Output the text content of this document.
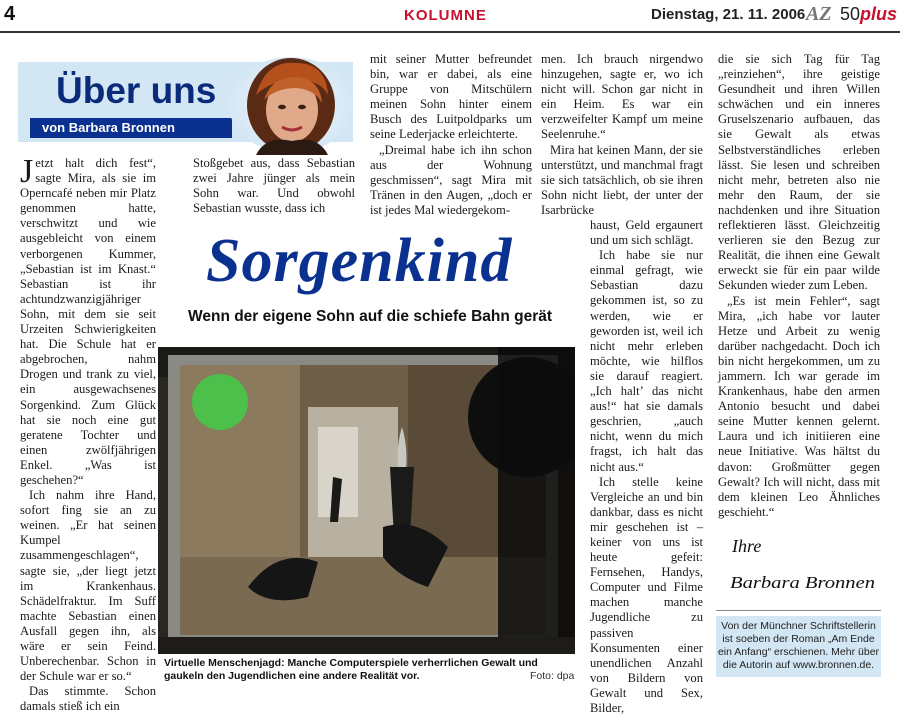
4	KOLUMNE	Dienstag, 21. 11. 2006 AZ 50plus
Über uns
von Barbara Bronnen

Jetzt halt dich fest“, sagte Mira, als sie im Operncafé neben mir Platz genommen hatte, verschwitzt und wie ausgebleicht von einem verborgenen Kummer, „Sebastian ist im Knast.“ Sebastian ist ihr achtundzwanzigjähriger Sohn, mit dem sie seit Urzeiten Schwierigkeiten hat. Die Schule hat er abgebrochen, nahm Drogen und trank zu viel, ein ausgewachsenes Sorgenkind. Zum Glück hat sie noch eine gut geratene Tochter und einen zwölfjährigen Enkel. „Was ist geschehen?“

Ich nahm ihre Hand, sofort fing sie an zu weinen. „Er hat seinen Kumpel zusammengeschlagen“, sagte sie, „der liegt jetzt im Krankenhaus. Schädelfraktur. Im Suff machte Sebastian einen Ausfall gegen ihn, als wäre er sein Feind. Unberechenbar. Schon in der Schule war er so.“

Das stimmte. Schon damals stieß ich ein

Stoßgebet aus, dass Sebastian zwei Jahre jünger als mein Sohn war. Und obwohl Sebastian wusste, dass ich

mit seiner Mutter befreundet bin, war er dabei, als eine Gruppe von Mitschülern meinen Sohn hinter einem Busch des Luitpoldparks um seine Lederjacke erleichterte.

„Dreimal habe ich ihn schon aus der Wohnung geschmissen“, sagt Mira mit Tränen in den Augen, „doch er ist jedes Mal wiedergekom-

Sorgenkind
Wenn der eigene Sohn auf die schiefe Bahn gerät
Virtuelle Menschenjagd: Manche Computerspiele verherrlichen Gewalt und gaukeln den Jugendlichen eine andere Realität vor.	Foto: dpa

men. Ich brauch nirgendwo hinzugehen, sagte er, wo ich nicht will. Schon gar nicht in ein Heim. Es war ein verzweifelter Kampf um meine Seelenruhe.“

Mira hat keinen Mann, der sie unterstützt, und manchmal fragt sie sich tatsächlich, ob sie ihren Sohn nicht liebt, der unter der Isarbrücke

haust, Geld ergaunert und um sich schlägt.

Ich habe sie nur einmal gefragt, wie Sebastian dazu gekommen ist, so zu werden, wie er geworden ist, weil ich nicht mehr erleben möchte, wie hilflos sie darauf reagiert. „Ich halt’ das nicht aus!“ hat sie damals geschrien, „auch nicht, wenn du mich fragst, ich halt das nicht aus.“

Ich stelle keine Vergleiche an und bin dankbar, dass es nicht mir geschehen ist – keiner von uns ist heute gefeit: Fernsehen, Handys, Computer und Filme machen manche Jugendliche zu passiven Konsumenten einer unendlichen Anzahl von Bildern von Gewalt und Sex, Bilder,

die sie sich Tag für Tag „reinziehen“, ihre geistige Gesundheit und ihren Willen schwächen und ein inneres Gruselszenario aufbauen, das sie Gewalt als etwas Selbstverständliches erleben lässt. Sie lesen und schreiben nicht mehr, betreten also nie mehr den Raum, der sie nachdenken und ihre Situation reflektieren lässt. Gleichzeitig verlieren sie den Bezug zur Realität, die ihnen eine Gewalt erweckt sie für ein paar wilde Sekunden wieder zum Leben.

„Es ist mein Fehler“, sagt Mira, „ich habe vor lauter Hetze und Arbeit zu wenig darüber nachgedacht. Doch ich bin nicht hergekommen, um zu jammern. Ich war gerade im Krankenhaus, habe den armen Antonio besucht und dabei seine Mutter kennen gelernt. Laura und ich initiieren eine neue Initiative. Was hältst du davon: Großmütter gegen Gewalt? Ich will nicht, dass mit dem kleinen Leo Ähnliches geschieht.“

Ihre
Barbara Bronnen
Von der Münchner Schriftstellerin ist soeben der Roman „Am Ende ein Anfang“ erschienen. Mehr über die Autorin auf www.bronnen.de.
